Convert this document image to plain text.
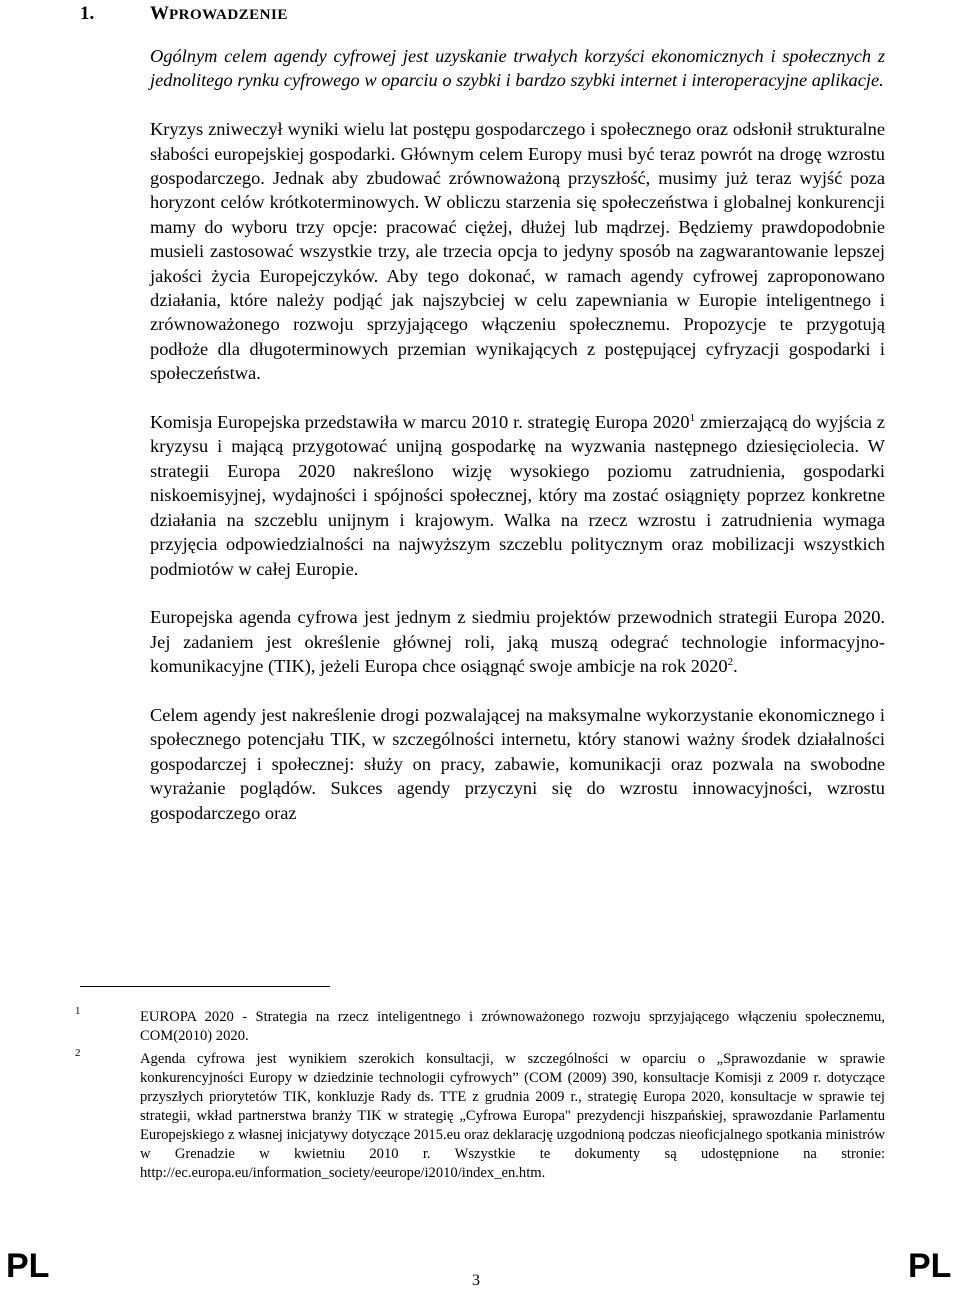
1.	WPROWADZENIE

Ogólnym celem agendy cyfrowej jest uzyskanie trwałych korzyści ekonomicznych i społecznych z jednolitego rynku cyfrowego w oparciu o szybki i bardzo szybki internet i interoperacyjne aplikacje.

Kryzys zniweczył wyniki wielu lat postępu gospodarczego i społecznego oraz odsłonił strukturalne słabości europejskiej gospodarki. Głównym celem Europy musi być teraz powrót na drogę wzrostu gospodarczego. Jednak aby zbudować zrównoważoną przyszłość, musimy już teraz wyjść poza horyzont celów krótkoterminowych. W obliczu starzenia się społeczeństwa i globalnej konkurencji mamy do wyboru trzy opcje: pracować ciężej, dłużej lub mądrzej. Będziemy prawdopodobnie musieli zastosować wszystkie trzy, ale trzecia opcja to jedyny sposób na zagwarantowanie lepszej jakości życia Europejczyków. Aby tego dokonać, w ramach agendy cyfrowej zaproponowano działania, które należy podjąć jak najszybciej w celu zapewniania w Europie inteligentnego i zrównoważonego rozwoju sprzyjającego włączeniu społecznemu. Propozycje te przygotują podłoże dla długoterminowych przemian wynikających z postępującej cyfryzacji gospodarki i społeczeństwa.

Komisja Europejska przedstawiła w marcu 2010 r. strategię Europa 2020$^1$ zmierzającą do wyjścia z kryzysu i mającą przygotować unijną gospodarkę na wyzwania następnego dziesięciolecia. W strategii Europa 2020 nakreślono wizję wysokiego poziomu zatrudnienia, gospodarki niskoemisyjnej, wydajności i spójności społecznej, który ma zostać osiągnięty poprzez konkretne działania na szczeblu unijnym i krajowym. Walka na rzecz wzrostu i zatrudnienia wymaga przyjęcia odpowiedzialności na najwyższym szczeblu politycznym oraz mobilizacji wszystkich podmiotów w całej Europie.

Europejska agenda cyfrowa jest jednym z siedmiu projektów przewodnich strategii Europa 2020. Jej zadaniem jest określenie głównej roli, jaką muszą odegrać technologie informacyjno-komunikacyjne (TIK), jeżeli Europa chce osiągnąć swoje ambicje na rok 2020$^2$.

Celem agendy jest nakreślenie drogi pozwalającej na maksymalne wykorzystanie ekonomicznego i społecznego potencjału TIK, w szczególności internetu, który stanowi ważny środek działalności gospodarczej i społecznej: służy on pracy, zabawie, komunikacji oraz pozwala na swobodne wyrażanie poglądów. Sukces agendy przyczyni się do wzrostu innowacyjności, wzrostu gospodarczego oraz

1	EUROPA 2020 - Strategia na rzecz inteligentnego i zrównoważonego rozwoju sprzyjającego włączeniu społecznemu, COM(2010) 2020.
2	Agenda cyfrowa jest wynikiem szerokich konsultacji, w szczególności w oparciu o „Sprawozdanie w sprawie konkurencyjności Europy w dziedzinie technologii cyfrowych” (COM (2009) 390, konsultacje Komisji z 2009 r. dotyczące przyszłych priorytetów TIK, konkluzje Rady ds. TTE z grudnia 2009 r., strategię Europa 2020, konsultacje w sprawie tej strategii, wkład partnerstwa branży TIK w strategię „Cyfrowa Europa" prezydencji hiszpańskiej, sprawozdanie Parlamentu Europejskiego z własnej inicjatywy dotyczące 2015.eu oraz deklarację uzgodnioną podczas nieoficjalnego spotkania ministrów w Grenadzie w kwietniu 2010 r. Wszystkie te dokumenty są udostępnione na stronie: http://ec.europa.eu/information_society/eeurope/i2010/index_en.htm.
PL	3	PL
